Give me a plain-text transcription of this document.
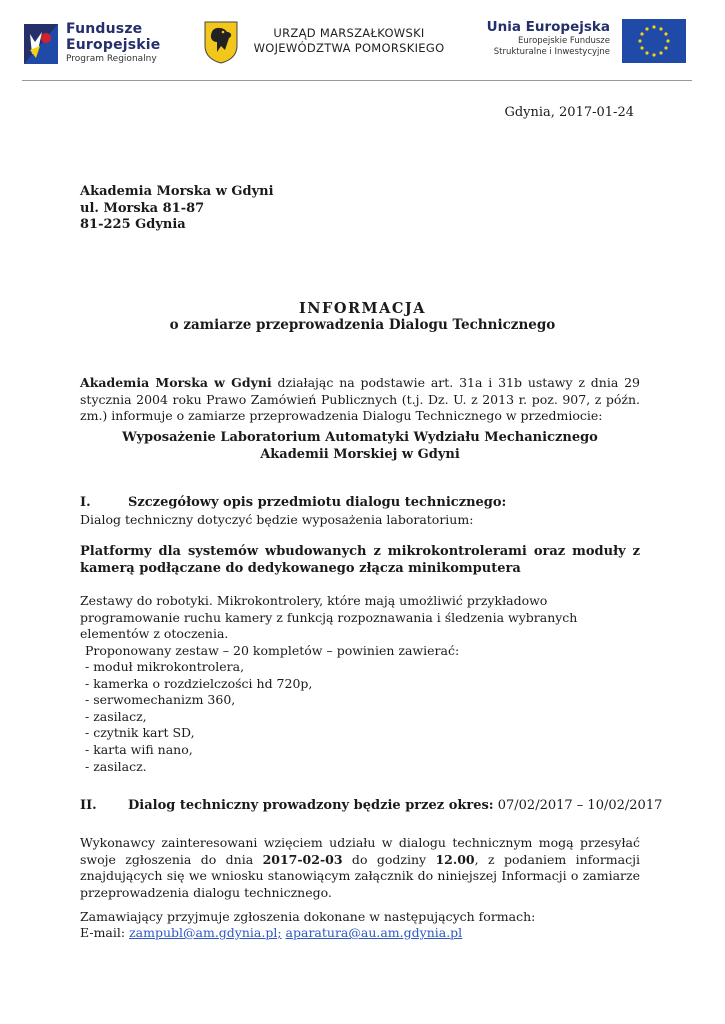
Fundusze
Europejskie
Program Regionalny
URZĄD MARSZAŁKOWSKI
WOJEWÓDZTWA POMORSKIEGO
Unia Europejska
Europejskie Fundusze
Strukturalne i Inwestycyjne
Gdynia, 2017-01-24
Akademia Morska w Gdyni
ul. Morska 81-87
81-225 Gdynia
INFORMACJA
o zamiarze przeprowadzenia Dialogu Technicznego
Akademia Morska w Gdyni działając na podstawie art. 31a i 31b ustawy z dnia 29 stycznia 2004 roku Prawo Zamówień Publicznych (t.j. Dz. U. z 2013 r. poz. 907, z późn. zm.) informuje o zamiarze przeprowadzenia Dialogu Technicznego w przedmiocie:
Wyposażenie Laboratorium Automatyki Wydziału Mechanicznego
Akademii Morskiej w Gdyni
I.	Szczegółowy opis przedmiotu dialogu technicznego:
Dialog techniczny dotyczyć będzie wyposażenia laboratorium:
Platformy dla systemów wbudowanych z mikrokontrolerami oraz moduły z kamerą podłączane do dedykowanego złącza minikomputera
Zestawy do robotyki. Mikrokontrolery, które mają umożliwić przykładowo programowanie ruchu kamery z funkcją rozpoznawania i śledzenia wybranych elementów z otoczenia.
Proponowany zestaw – 20 kompletów – powinien zawierać:
- moduł mikrokontrolera,
- kamerka o rozdzielczości hd 720p,
- serwomechanizm 360,
- zasilacz,
- czytnik kart SD,
- karta wifi nano,
- zasilacz.
II. Dialog techniczny prowadzony będzie przez okres: 07/02/2017 – 10/02/2017
Wykonawcy zainteresowani wzięciem udziału w dialogu technicznym mogą przesyłać swoje zgłoszenia do dnia 2017-02-03 do godziny 12.00, z podaniem informacji znajdujących się we wniosku stanowiącym załącznik do niniejszej Informacji o zamiarze przeprowadzenia dialogu technicznego.
Zamawiający przyjmuje zgłoszenia dokonane w następujących formach:
E-mail: zampubl@am.gdynia.pl; aparatura@au.am.gdynia.pl
